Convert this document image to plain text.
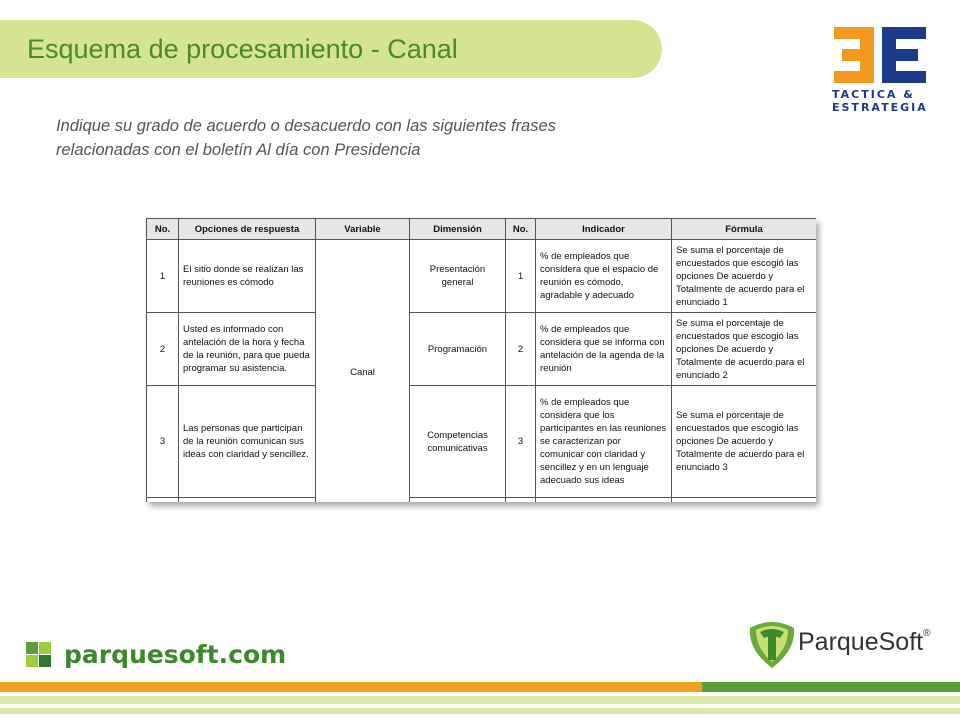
Esquema de procesamiento - Canal
TACTICA &
ESTRATEGIA
Indique su grado de acuerdo o desacuerdo con las siguientes frases relacionadas con el boletín Al día con Presidencia
No.	Opciones de respuesta	Variable	Dimensión	No.	Indicador	Fórmula
1	El sitio donde se realizan las reuniones es cómodo	Canal	Presentación general	1	% de empleados que considera que el espacio de reunión es cómodo, agradable y adecuado	Se suma el porcentaje de encuestados que escogió las opciones De acuerdo y Totalmente de acuerdo para el enunciado 1
2	Usted es informado con antelación de la hora y fecha de la reunión, para que pueda programar su asistencia.		Programación	2	% de empleados que considera que se informa con antelación de la agenda de la reunión	Se suma el porcentaje de encuestados que escogió las opciones De acuerdo y Totalmente de acuerdo para el enunciado 2
3	Las personas que participan de la reunión comunican sus ideas con claridad y sencillez.		Competencias comunicativas	3	% de empleados que considera que los participantes en las reuniones se caracterizan por comunicar con claridad y sencillez y en un lenguaje adecuado sus ideas	Se suma el porcentaje de encuestados que escogió las opciones De acuerdo y Totalmente de acuerdo para el enunciado 3

parquesoft.com	ParqueSoft®
